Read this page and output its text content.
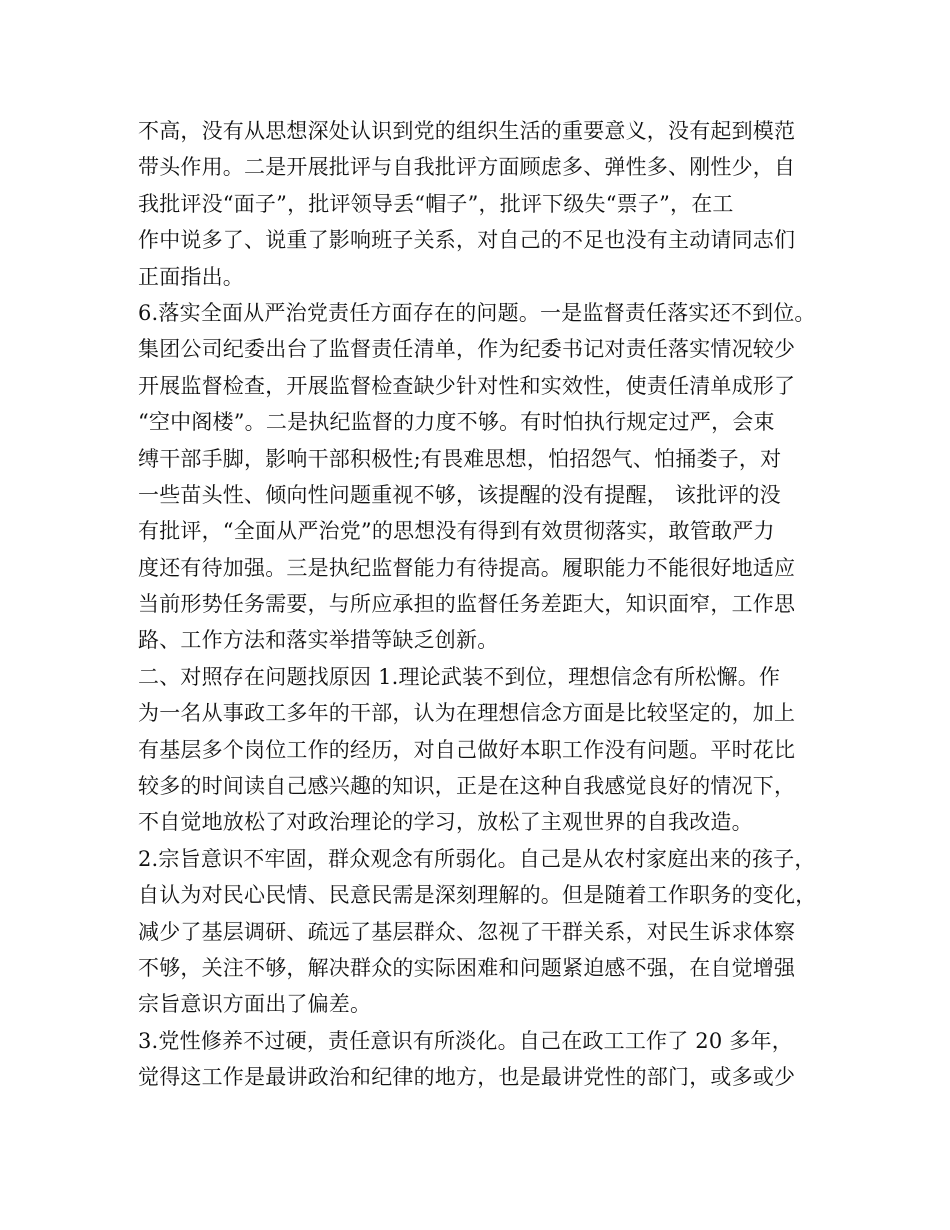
不高，没有从思想深处认识到党的组织生活的重要意义，没有起到模范
带头作用。二是开展批评与自我批评方面顾虑多、弹性多、刚性少，自
我批评没“面子”，批评领导丢“帽子”，批评下级失“票子”，在工
作中说多了、说重了影响班子关系，对自己的不足也没有主动请同志们
正面指出。
6.落实全面从严治党责任方面存在的问题。一是监督责任落实还不到位。
集团公司纪委出台了监督责任清单，作为纪委书记对责任落实情况较少
开展监督检查，开展监督检查缺少针对性和实效性，使责任清单成形了
“空中阁楼”。二是执纪监督的力度不够。有时怕执行规定过严，会束
缚干部手脚，影响干部积极性;有畏难思想，怕招怨气、怕捅娄子，对
一些苗头性、倾向性问题重视不够，该提醒的没有提醒， 该批评的没
有批评，“全面从严治党”的思想没有得到有效贯彻落实，敢管敢严力
度还有待加强。三是执纪监督能力有待提高。履职能力不能很好地适应
当前形势任务需要，与所应承担的监督任务差距大，知识面窄，工作思
路、工作方法和落实举措等缺乏创新。
二、对照存在问题找原因 1.理论武装不到位，理想信念有所松懈。作
为一名从事政工多年的干部，认为在理想信念方面是比较坚定的，加上
有基层多个岗位工作的经历，对自己做好本职工作没有问题。平时花比
较多的时间读自己感兴趣的知识，正是在这种自我感觉良好的情况下，
不自觉地放松了对政治理论的学习，放松了主观世界的自我改造。
2.宗旨意识不牢固，群众观念有所弱化。自己是从农村家庭出来的孩子，
自认为对民心民情、民意民需是深刻理解的。但是随着工作职务的变化，
减少了基层调研、疏远了基层群众、忽视了干群关系，对民生诉求体察
不够，关注不够，解决群众的实际困难和问题紧迫感不强，在自觉增强
宗旨意识方面出了偏差。
3.党性修养不过硬，责任意识有所淡化。自己在政工工作了 20 多年，
觉得这工作是最讲政治和纪律的地方，也是最讲党性的部门，或多或少
